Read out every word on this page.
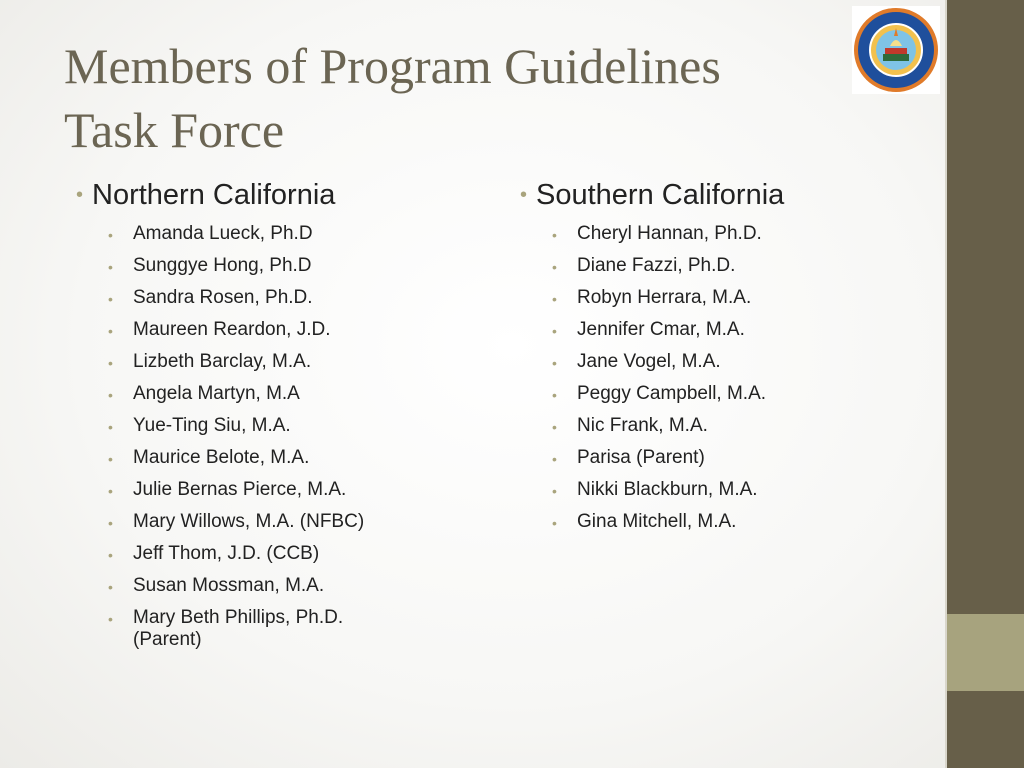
Members of Program Guidelines
Task Force
• Northern California
•	Amanda Lueck, Ph.D
•	Sunggye Hong, Ph.D
•	Sandra Rosen, Ph.D.
•	Maureen Reardon, J.D.
•	Lizbeth Barclay, M.A.
•	Angela Martyn, M.A
•	Yue-Ting Siu, M.A.
•	Maurice Belote, M.A.
•	Julie Bernas Pierce, M.A.
•	Mary Willows, M.A. (NFBC)
•	Jeff Thom, J.D. (CCB)
•	Susan Mossman, M.A.
•	Mary Beth Phillips, Ph.D. (Parent)
• Southern California
•	Cheryl Hannan, Ph.D.
•	Diane Fazzi, Ph.D.
•	Robyn Herrara, M.A.
•	Jennifer Cmar, M.A.
•	Jane Vogel, M.A.
•	Peggy Campbell, M.A.
•	Nic Frank, M.A.
•	Parisa (Parent)
•	Nikki Blackburn, M.A.
•	Gina Mitchell, M.A.
